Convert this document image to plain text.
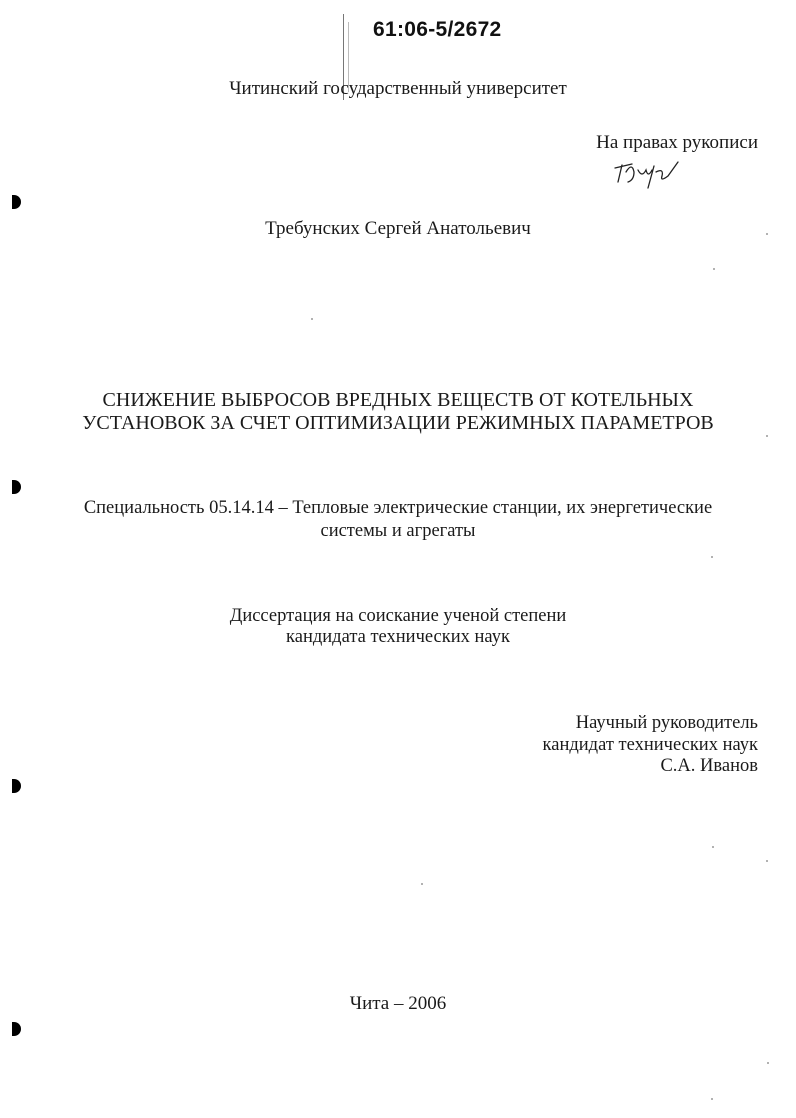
61:06-5/2672
Читинский государственный университет
На правах рукописи
Требунских Сергей Анатольевич
СНИЖЕНИЕ ВЫБРОСОВ ВРЕДНЫХ ВЕЩЕСТВ ОТ КОТЕЛЬНЫХ
УСТАНОВОК ЗА СЧЕТ ОПТИМИЗАЦИИ РЕЖИМНЫХ ПАРАМЕТРОВ
Специальность 05.14.14 – Тепловые электрические станции, их энергетические
системы и агрегаты
Диссертация на соискание ученой степени
кандидата технических наук
Научный руководитель
кандидат технических наук
С.А. Иванов
Чита – 2006
